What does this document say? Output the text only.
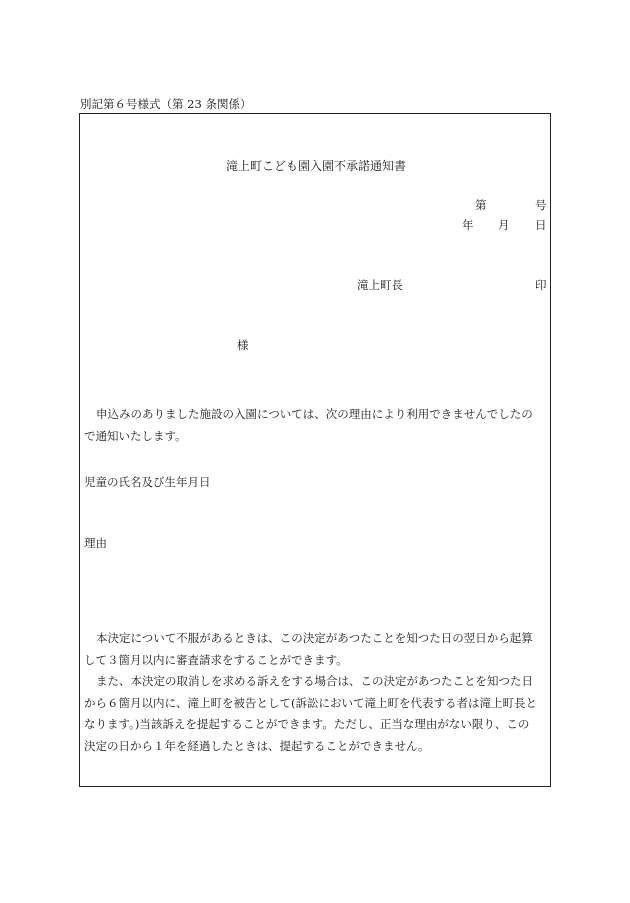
別記第６号様式（第 23 条関係）
滝上町こども園入園不承諾通知書
第	号
年 月 日
滝上町長	印
様
申込みのありました施設の入園については、次の理由により利用できませんでしたの
で通知いたします。
児童の氏名及び生年月日
理由
本決定について不服があるときは、この決定があつたことを知つた日の翌日から起算
して３箇月以内に審査請求をすることができます。
また、本決定の取消しを求める訴えをする場合は、この決定があつたことを知つた日
から６箇月以内に、滝上町を被告として(訴訟において滝上町を代表する者は滝上町長と
なります。)当該訴えを提起することができます。ただし、正当な理由がない限り、この
決定の日から１年を経過したときは、提起することができません。
